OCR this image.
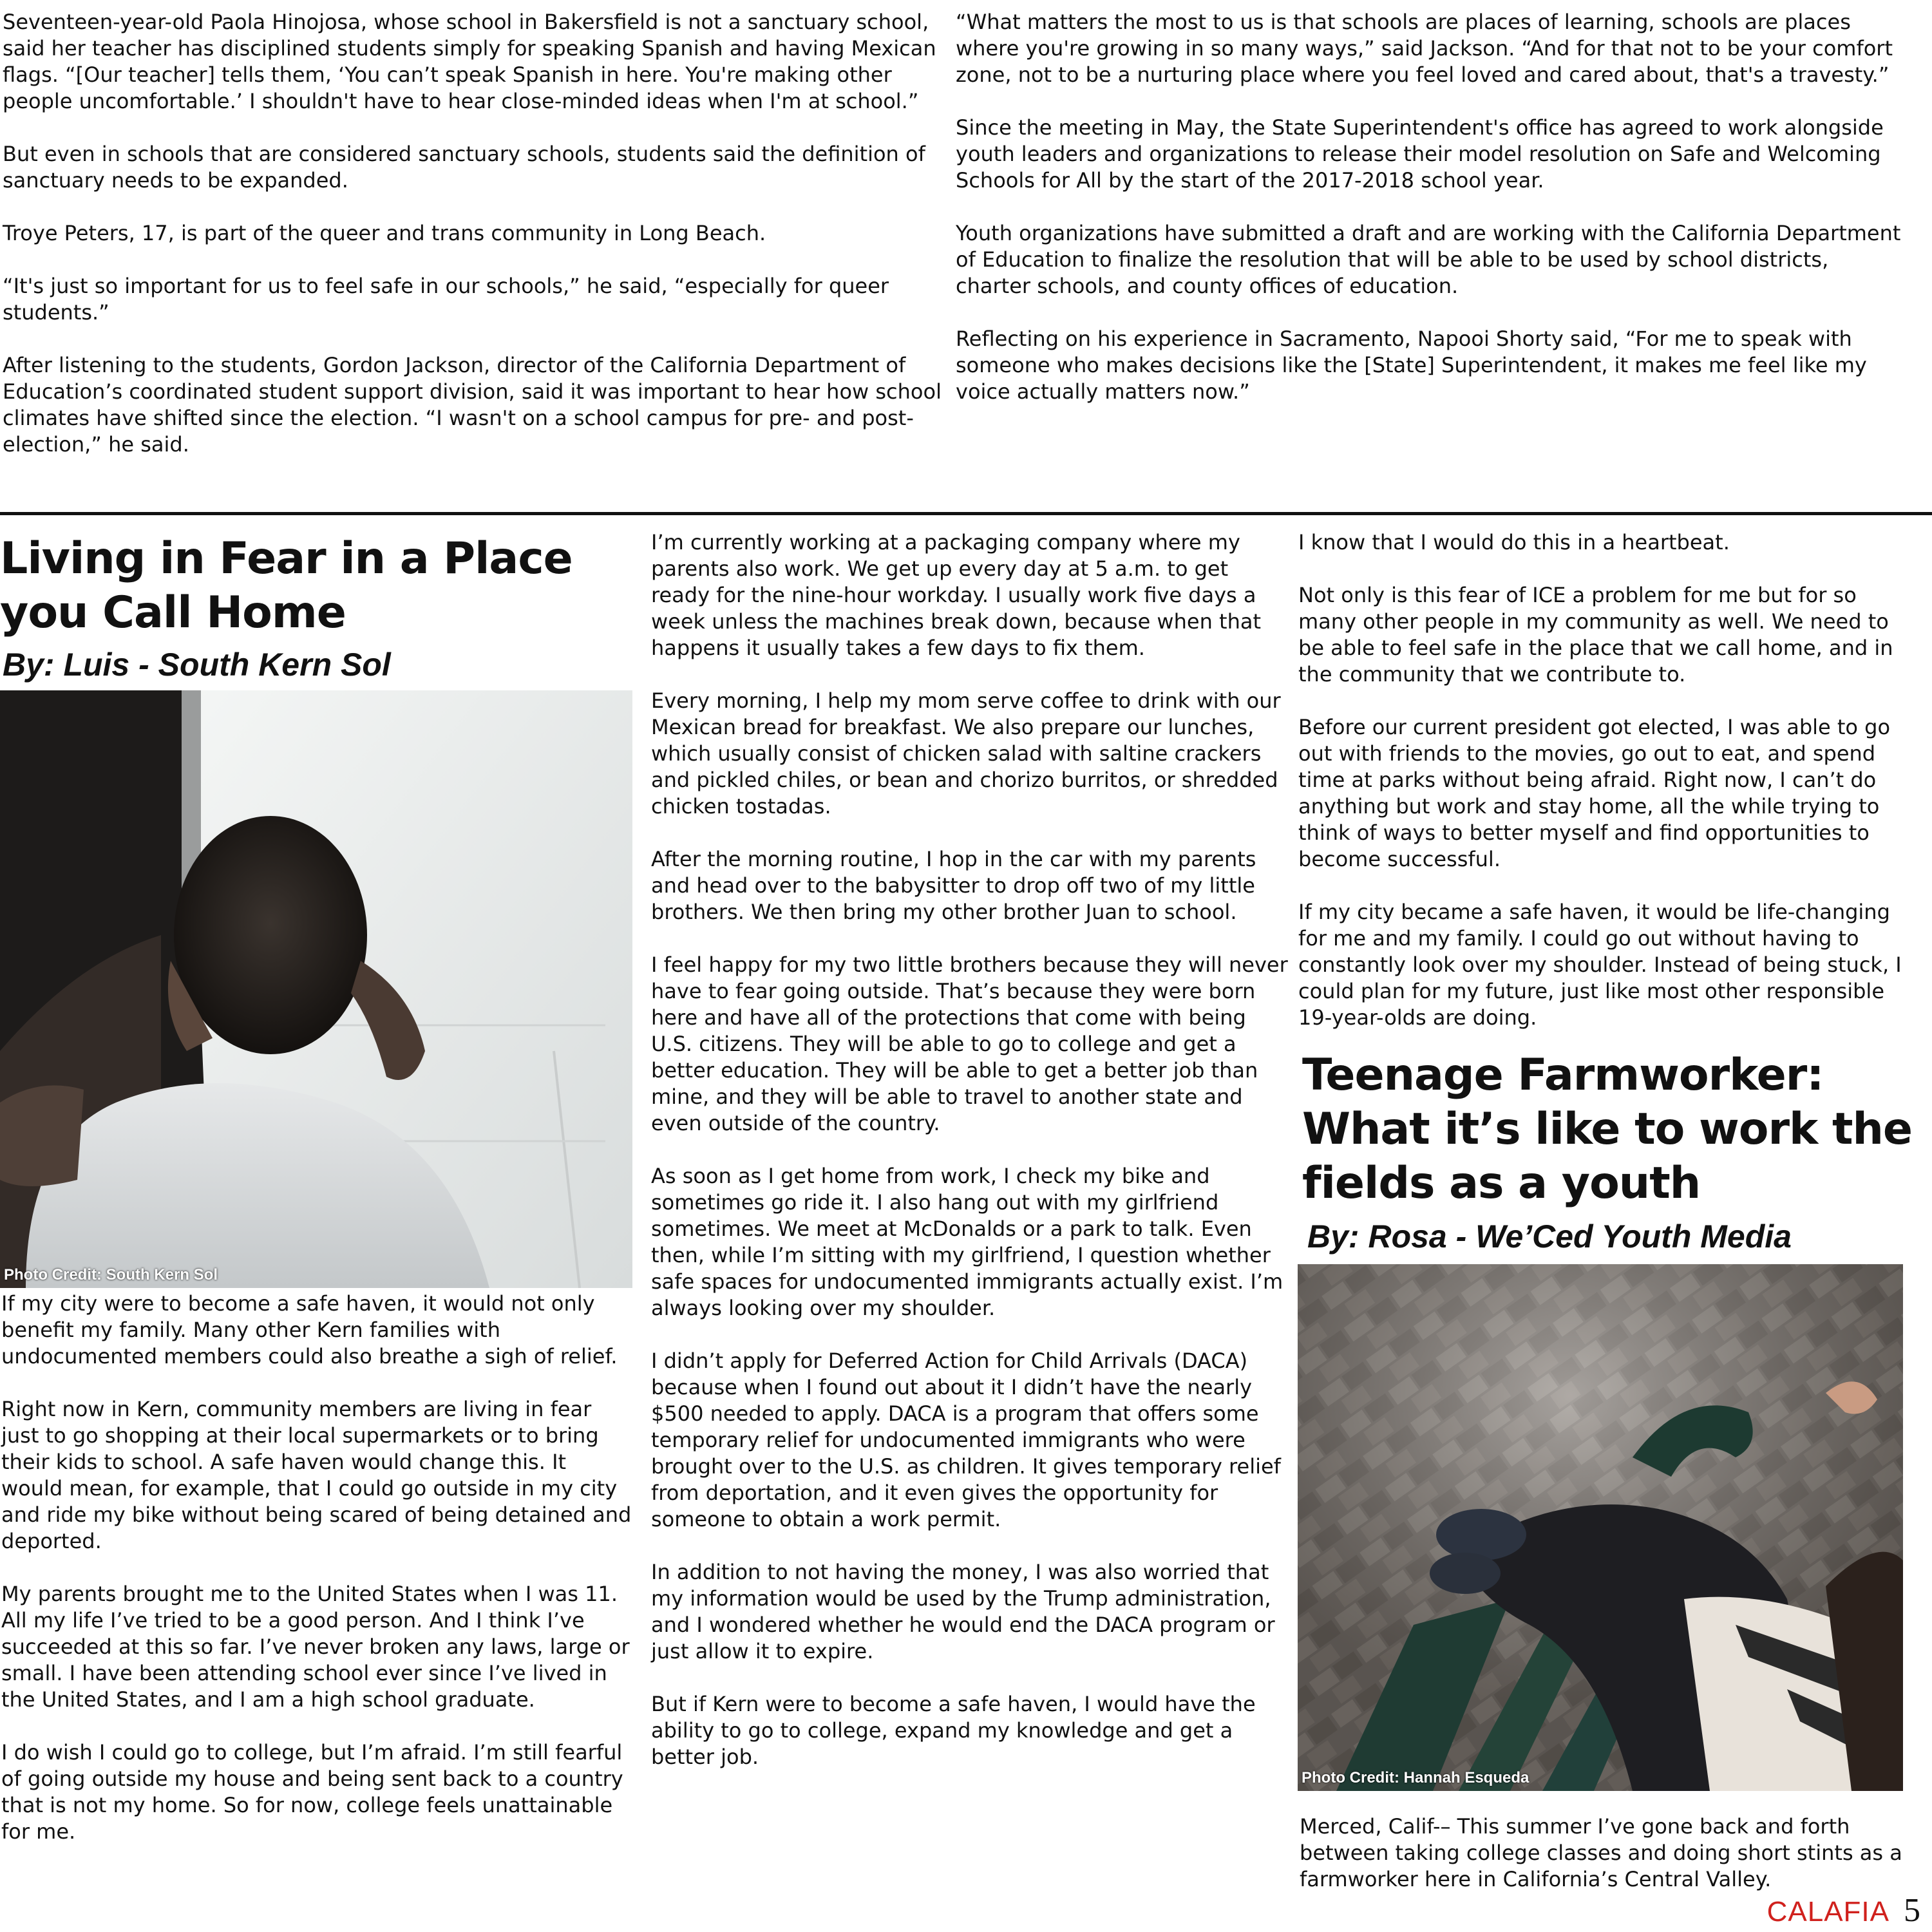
Seventeen-year-old Paola Hinojosa, whose school in Bakersfield is not a sanctuary school, said her teacher has disciplined students simply for speaking Spanish and having Mexican flags. “[Our teacher] tells them, ‘You can’t speak Spanish in here. You're making other people uncomfortable.’ I shouldn't have to hear close-minded ideas when I'm at school.”

But even in schools that are considered sanctuary schools, students said the definition of sanctuary needs to be expanded.

Troye Peters, 17, is part of the queer and trans community in Long Beach.

“It's just so important for us to feel safe in our schools,” he said, “especially for queer students.”

After listening to the students, Gordon Jackson, director of the California Department of Education’s coordinated student support division, said it was important to hear how school climates have shifted since the election. “I wasn't on a school campus for pre- and post-election,” he said.

“What matters the most to us is that schools are places of learning, schools are places where you're growing in so many ways,” said Jackson. “And for that not to be your comfort zone, not to be a nurturing place where you feel loved and cared about, that's a travesty.”

Since the meeting in May, the State Superintendent's office has agreed to work alongside youth leaders and organizations to release their model resolution on Safe and Welcoming Schools for All by the start of the 2017-2018 school year.

Youth organizations have submitted a draft and are working with the California Department of Education to finalize the resolution that will be able to be used by school districts, charter schools, and county offices of education.

Reflecting on his experience in Sacramento, Napooi Shorty said, “For me to speak with someone who makes decisions like the [State] Superintendent, it makes me feel like my voice actually matters now.”

Living in Fear in a Place you Call Home

By: Luis - South Kern Sol

Photo Credit: South Kern Sol

If my city were to become a safe haven, it would not only benefit my family. Many other Kern families with undocumented members could also breathe a sigh of relief.

Right now in Kern, community members are living in fear just to go shopping at their local supermarkets or to bring their kids to school. A safe haven would change this. It would mean, for example, that I could go outside in my city and ride my bike without being scared of being detained and deported.

My parents brought me to the United States when I was 11. All my life I’ve tried to be a good person. And I think I’ve succeeded at this so far. I’ve never broken any laws, large or small. I have been attending school ever since I’ve lived in the United States, and I am a high school graduate.

I do wish I could go to college, but I’m afraid. I’m still fearful of going outside my house and being sent back to a country that is not my home. So for now, college feels unattainable for me.

I’m currently working at a packaging company where my parents also work. We get up every day at 5 a.m. to get ready for the nine-hour workday. I usually work five days a week unless the machines break down, because when that happens it usually takes a few days to fix them.

Every morning, I help my mom serve coffee to drink with our Mexican bread for breakfast. We also prepare our lunches, which usually consist of chicken salad with saltine crackers and pickled chiles, or bean and chorizo burritos, or shredded chicken tostadas.

After the morning routine, I hop in the car with my parents and head over to the babysitter to drop off two of my little brothers. We then bring my other brother Juan to school.

I feel happy for my two little brothers because they will never have to fear going outside. That’s because they were born here and have all of the protections that come with being U.S. citizens. They will be able to go to college and get a better education. They will be able to get a better job than mine, and they will be able to travel to another state and even outside of the country.

As soon as I get home from work, I check my bike and sometimes go ride it. I also hang out with my girlfriend sometimes. We meet at McDonalds or a park to talk. Even then, while I’m sitting with my girlfriend, I question whether safe spaces for undocumented immigrants actually exist. I’m always looking over my shoulder.

I didn’t apply for Deferred Action for Child Arrivals (DACA) because when I found out about it I didn’t have the nearly $500 needed to apply. DACA is a program that offers some temporary relief for undocumented immigrants who were brought over to the U.S. as children. It gives temporary relief from deportation, and it even gives the opportunity for someone to obtain a work permit.

In addition to not having the money, I was also worried that my information would be used by the Trump administration, and I wondered whether he would end the DACA program or just allow it to expire.

But if Kern were to become a safe haven, I would have the ability to go to college, expand my knowledge and get a better job.

I know that I would do this in a heartbeat.

Not only is this fear of ICE a problem for me but for so many other people in my community as well. We need to be able to feel safe in the place that we call home, and in the community that we contribute to.

Before our current president got elected, I was able to go out with friends to the movies, go out to eat, and spend time at parks without being afraid. Right now, I can’t do anything but work and stay home, all the while trying to think of ways to better myself and find opportunities to become successful.

If my city became a safe haven, it would be life-changing for me and my family. I could go out without having to constantly look over my shoulder. Instead of being stuck, I could plan for my future, just like most other responsible 19-year-olds are doing.

Teenage Farmworker: What it’s like to work the fields as a youth

By: Rosa - We’Ced Youth Media

Photo Credit: Hannah Esqueda

Merced, Calif-– This summer I’ve gone back and forth between taking college classes and doing short stints as a farmworker here in California’s Central Valley.

CALAFIA 5
